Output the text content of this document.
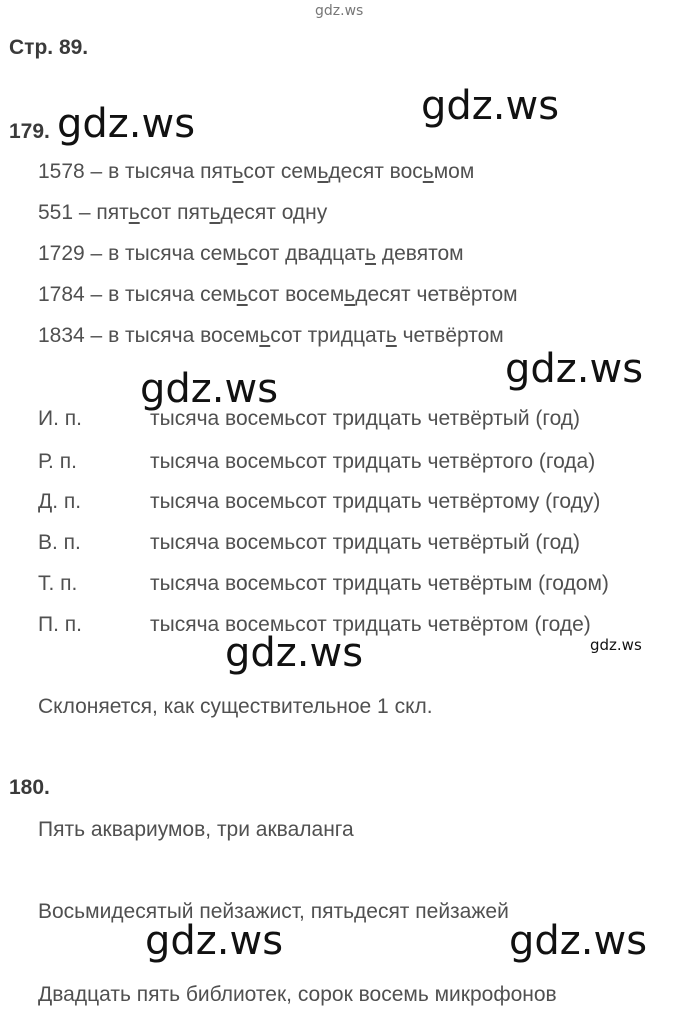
gdz.ws
Стр. 89.
179.
1578 – в тысяча пятьсот семьдесят восьмом
551 – пятьсот пятьдесят одну
1729 – в тысяча семьсот двадцать девятом
1784 – в тысяча семьсот восемьдесят четвёртом
1834 – в тысяча восемьсот тридцать четвёртом
И. п.	тысяча восемьсот тридцать четвёртый (год)
Р. п.	тысяча восемьсот тридцать четвёртого (года)
Д. п.	тысяча восемьсот тридцать четвёртому (году)
В. п.	тысяча восемьсот тридцать четвёртый (год)
Т. п.	тысяча восемьсот тридцать четвёртым (годом)
П. п.	тысяча восемьсот тридцать четвёртом (годе)
Склоняется, как существительное 1 скл.
180.
Пять аквариумов, три акваланга
Восьмидесятый пейзажист, пятьдесят пейзажей
Двадцать пять библиотек, сорок восемь микрофонов
gdz.ws	gdz.ws
gdz.ws	gdz.ws
gdz.ws	gdz.ws
gdz.ws	gdz.ws
